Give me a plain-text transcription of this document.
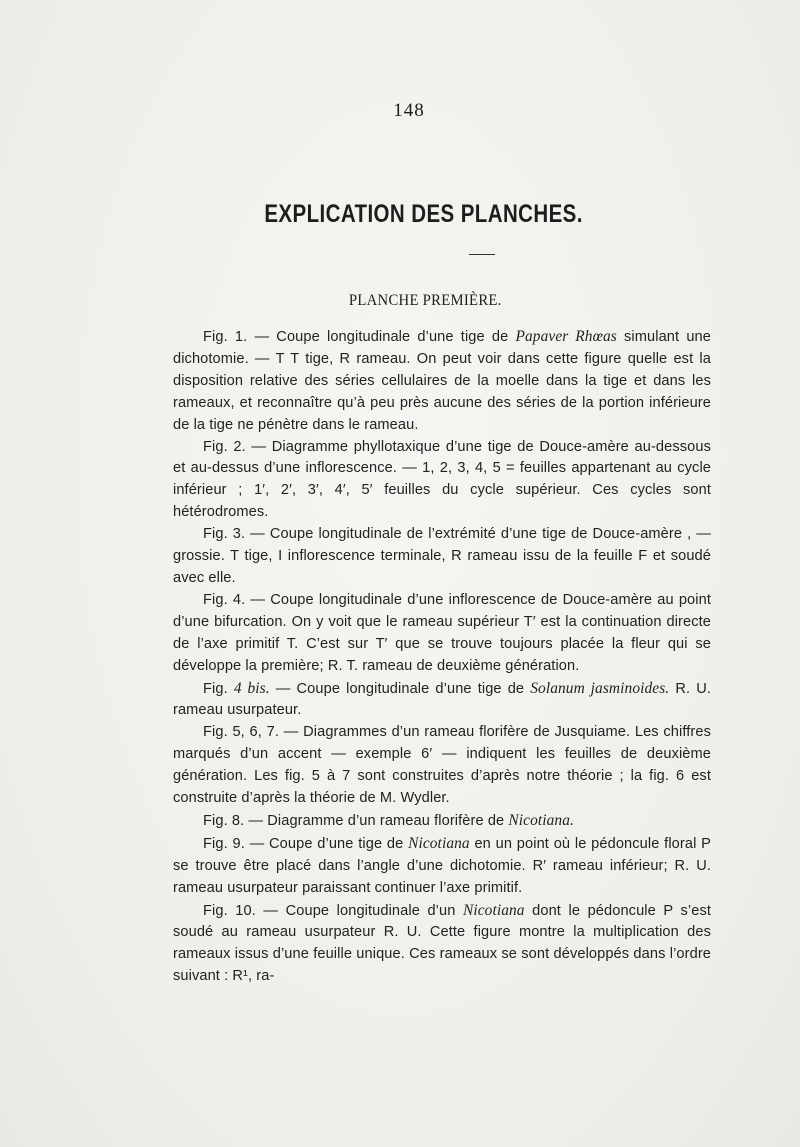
148
EXPLICATION DES PLANCHES.
PLANCHE PREMIÈRE.

Fig. 1. — Coupe longitudinale d’une tige de Papaver Rhœas simulant une dichotomie. — T T tige, R rameau. On peut voir dans cette figure quelle est la disposition relative des séries cellulaires de la moelle dans la tige et dans les rameaux, et reconnaître qu’à peu près aucune des séries de la portion inférieure de la tige ne pénètre dans le rameau.

Fig. 2. — Diagramme phyllotaxique d’une tige de Douce-amère au-dessous et au-dessus d’une inflorescence. — 1, 2, 3, 4, 5 = feuilles appartenant au cycle inférieur ; 1′, 2′, 3′, 4′, 5′ feuilles du cycle supérieur. Ces cycles sont hétérodromes.

Fig. 3. — Coupe longitudinale de l’extrémité d’une tige de Douce-amère , — grossie. T tige, I inflorescence terminale, R rameau issu de la feuille F et soudé avec elle.

Fig. 4. — Coupe longitudinale d’une inflorescence de Douce-amère au point d’une bifurcation. On y voit que le rameau supérieur T′ est la continuation directe de l’axe primitif T. C’est sur T′ que se trouve toujours placée la fleur qui se développe la première; R. T. rameau de deuxième génération.

Fig. 4 bis. — Coupe longitudinale d’une tige de Solanum jasminoides. R. U. rameau usurpateur.

Fig. 5, 6, 7. — Diagrammes d’un rameau florifère de Jusquiame. Les chiffres marqués d’un accent — exemple 6′ — indiquent les feuilles de deuxième génération. Les fig. 5 à 7 sont construites d’après notre théorie ; la fig. 6 est construite d’après la théorie de M. Wydler.

Fig. 8. — Diagramme d’un rameau florifère de Nicotiana.

Fig. 9. — Coupe d’une tige de Nicotiana en un point où le pédoncule floral P se trouve être placé dans l’angle d’une dichotomie. R′ rameau inférieur; R. U. rameau usurpateur paraissant continuer l’axe primitif.

Fig. 10. — Coupe longitudinale d’un Nicotiana dont le pédoncule P s’est soudé au rameau usurpateur R. U. Cette figure montre la multiplication des rameaux issus d’une feuille unique. Ces rameaux se sont développés dans l’ordre suivant : R¹, ra-
